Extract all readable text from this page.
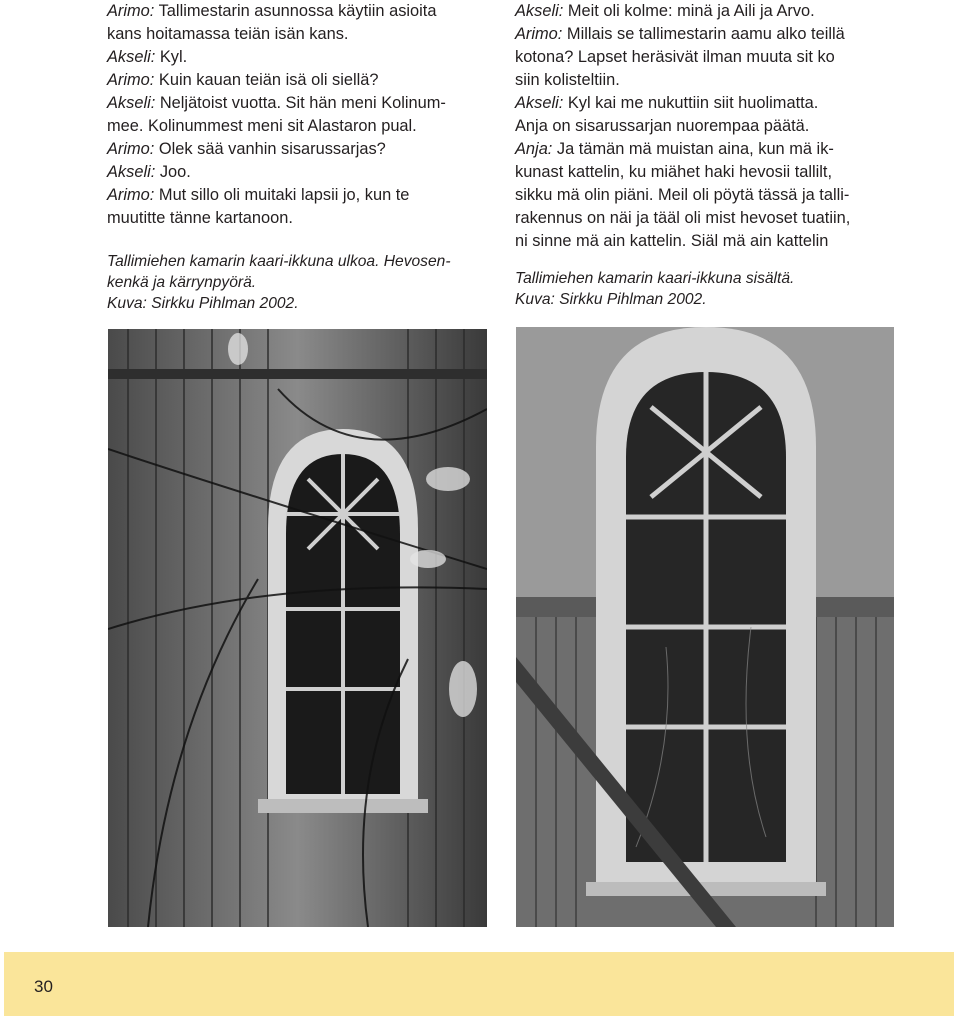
Arimo: Tallimestarin asunnossa käytiin asioita
kans hoitamassa teiän isän kans.
Akseli: Kyl.
Arimo: Kuin kauan teiän isä oli siellä?
Akseli: Neljätoist vuotta. Sit hän meni Kolinum-
mee. Kolinummest meni sit Alastaron pual.
Arimo: Olek sää vanhin sisarussarjas?
Akseli: Joo.
Arimo: Mut sillo oli muitaki lapsii jo, kun te
muutitte tänne kartanoon.
Tallimiehen kamarin kaari-ikkuna ulkoa. Hevosen-
kenkä ja kärrynpyörä.
Kuva: Sirkku Pihlman 2002.
Akseli: Meit oli kolme: minä ja Aili ja Arvo.
Arimo: Millais se tallimestarin aamu alko teillä
kotona? Lapset heräsivät ilman muuta sit ko
siin kolisteltiin.
Akseli: Kyl kai me nukuttiin siit huolimatta.
Anja on sisarussarjan nuorempaa päätä.
Anja: Ja tämän mä muistan aina, kun mä ik-
kunast kattelin, ku miähet haki hevosii tallilt,
sikku mä olin piäni. Meil oli pöytä tässä ja talli-
rakennus on näi ja tääl oli mist hevoset tuatiin,
ni sinne mä ain kattelin. Siäl mä ain kattelin
Tallimiehen kamarin kaari-ikkuna sisältä.
Kuva: Sirkku Pihlman 2002.
30
